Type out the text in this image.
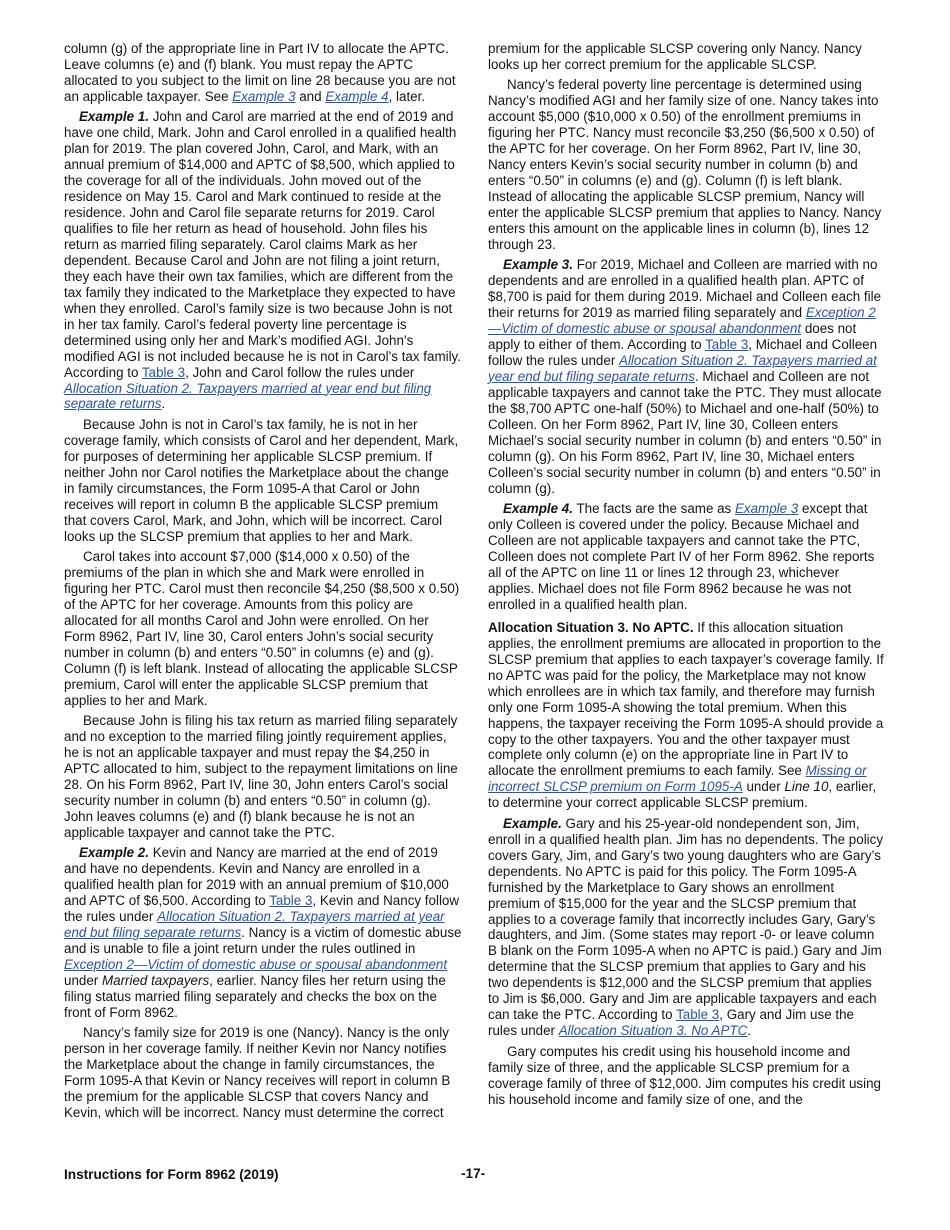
column (g) of the appropriate line in Part IV to allocate the APTC. Leave columns (e) and (f) blank. You must repay the APTC allocated to you subject to the limit on line 28 because you are not an applicable taxpayer. See Example 3 and Example 4, later.

Example 1. John and Carol are married at the end of 2019 and have one child, Mark. John and Carol enrolled in a qualified health plan for 2019. The plan covered John, Carol, and Mark, with an annual premium of $14,000 and APTC of $8,500, which applied to the coverage for all of the individuals. John moved out of the residence on May 15. Carol and Mark continued to reside at the residence. John and Carol file separate returns for 2019. Carol qualifies to file her return as head of household. John files his return as married filing separately. Carol claims Mark as her dependent. Because Carol and John are not filing a joint return, they each have their own tax families, which are different from the tax family they indicated to the Marketplace they expected to have when they enrolled. Carol’s family size is two because John is not in her tax family. Carol’s federal poverty line percentage is determined using only her and Mark’s modified AGI. John’s modified AGI is not included because he is not in Carol’s tax family. According to Table 3, John and Carol follow the rules under Allocation Situation 2. Taxpayers married at year end but filing separate returns.

Because John is not in Carol’s tax family, he is not in her coverage family, which consists of Carol and her dependent, Mark, for purposes of determining her applicable SLCSP premium. If neither John nor Carol notifies the Marketplace about the change in family circumstances, the Form 1095-A that Carol or John receives will report in column B the applicable SLCSP premium that covers Carol, Mark, and John, which will be incorrect. Carol looks up the SLCSP premium that applies to her and Mark.

Carol takes into account $7,000 ($14,000 x 0.50) of the premiums of the plan in which she and Mark were enrolled in figuring her PTC. Carol must then reconcile $4,250 ($8,500 x 0.50) of the APTC for her coverage. Amounts from this policy are allocated for all months Carol and John were enrolled. On her Form 8962, Part IV, line 30, Carol enters John’s social security number in column (b) and enters “0.50” in columns (e) and (g). Column (f) is left blank. Instead of allocating the applicable SLCSP premium, Carol will enter the applicable SLCSP premium that applies to her and Mark.

Because John is filing his tax return as married filing separately and no exception to the married filing jointly requirement applies, he is not an applicable taxpayer and must repay the $4,250 in APTC allocated to him, subject to the repayment limitations on line 28. On his Form 8962, Part IV, line 30, John enters Carol’s social security number in column (b) and enters “0.50” in column (g). John leaves columns (e) and (f) blank because he is not an applicable taxpayer and cannot take the PTC.

Example 2. Kevin and Nancy are married at the end of 2019 and have no dependents. Kevin and Nancy are enrolled in a qualified health plan for 2019 with an annual premium of $10,000 and APTC of $6,500. According to Table 3, Kevin and Nancy follow the rules under Allocation Situation 2. Taxpayers married at year end but filing separate returns. Nancy is a victim of domestic abuse and is unable to file a joint return under the rules outlined in Exception 2—Victim of domestic abuse or spousal abandonment under Married taxpayers, earlier. Nancy files her return using the filing status married filing separately and checks the box on the front of Form 8962.

Nancy’s family size for 2019 is one (Nancy). Nancy is the only person in her coverage family. If neither Kevin nor Nancy notifies the Marketplace about the change in family circumstances, the Form 1095-A that Kevin or Nancy receives will report in column B the premium for the applicable SLCSP that covers Nancy and Kevin, which will be incorrect. Nancy must determine the correct

premium for the applicable SLCSP covering only Nancy. Nancy looks up her correct premium for the applicable SLCSP.

Nancy’s federal poverty line percentage is determined using Nancy’s modified AGI and her family size of one. Nancy takes into account $5,000 ($10,000 x 0.50) of the enrollment premiums in figuring her PTC. Nancy must reconcile $3,250 ($6,500 x 0.50) of the APTC for her coverage. On her Form 8962, Part IV, line 30, Nancy enters Kevin’s social security number in column (b) and enters “0.50” in columns (e) and (g). Column (f) is left blank. Instead of allocating the applicable SLCSP premium, Nancy will enter the applicable SLCSP premium that applies to Nancy. Nancy enters this amount on the applicable lines in column (b), lines 12 through 23.

Example 3. For 2019, Michael and Colleen are married with no dependents and are enrolled in a qualified health plan. APTC of $8,700 is paid for them during 2019. Michael and Colleen each file their returns for 2019 as married filing separately and Exception 2—Victim of domestic abuse or spousal abandonment does not apply to either of them. According to Table 3, Michael and Colleen follow the rules under Allocation Situation 2. Taxpayers married at year end but filing separate returns. Michael and Colleen are not applicable taxpayers and cannot take the PTC. They must allocate the $8,700 APTC one-half (50%) to Michael and one-half (50%) to Colleen. On her Form 8962, Part IV, line 30, Colleen enters Michael’s social security number in column (b) and enters “0.50” in column (g). On his Form 8962, Part IV, line 30, Michael enters Colleen’s social security number in column (b) and enters “0.50” in column (g).

Example 4. The facts are the same as Example 3 except that only Colleen is covered under the policy. Because Michael and Colleen are not applicable taxpayers and cannot take the PTC, Colleen does not complete Part IV of her Form 8962. She reports all of the APTC on line 11 or lines 12 through 23, whichever applies. Michael does not file Form 8962 because he was not enrolled in a qualified health plan.

Allocation Situation 3. No APTC. If this allocation situation applies, the enrollment premiums are allocated in proportion to the SLCSP premium that applies to each taxpayer’s coverage family. If no APTC was paid for the policy, the Marketplace may not know which enrollees are in which tax family, and therefore may furnish only one Form 1095-A showing the total premium. When this happens, the taxpayer receiving the Form 1095-A should provide a copy to the other taxpayers. You and the other taxpayer must complete only column (e) on the appropriate line in Part IV to allocate the enrollment premiums to each family. See Missing or incorrect SLCSP premium on Form 1095-A under Line 10, earlier, to determine your correct applicable SLCSP premium.

Example. Gary and his 25-year-old nondependent son, Jim, enroll in a qualified health plan. Jim has no dependents. The policy covers Gary, Jim, and Gary’s two young daughters who are Gary’s dependents. No APTC is paid for this policy. The Form 1095-A furnished by the Marketplace to Gary shows an enrollment premium of $15,000 for the year and the SLCSP premium that applies to a coverage family that incorrectly includes Gary, Gary’s daughters, and Jim. (Some states may report -0- or leave column B blank on the Form 1095-A when no APTC is paid.) Gary and Jim determine that the SLCSP premium that applies to Gary and his two dependents is $12,000 and the SLCSP premium that applies to Jim is $6,000. Gary and Jim are applicable taxpayers and each can take the PTC. According to Table 3, Gary and Jim use the rules under Allocation Situation 3. No APTC.

Gary computes his credit using his household income and family size of three, and the applicable SLCSP premium for a coverage family of three of $12,000. Jim computes his credit using his household income and family size of one, and the

Instructions for Form 8962 (2019)	-17-
